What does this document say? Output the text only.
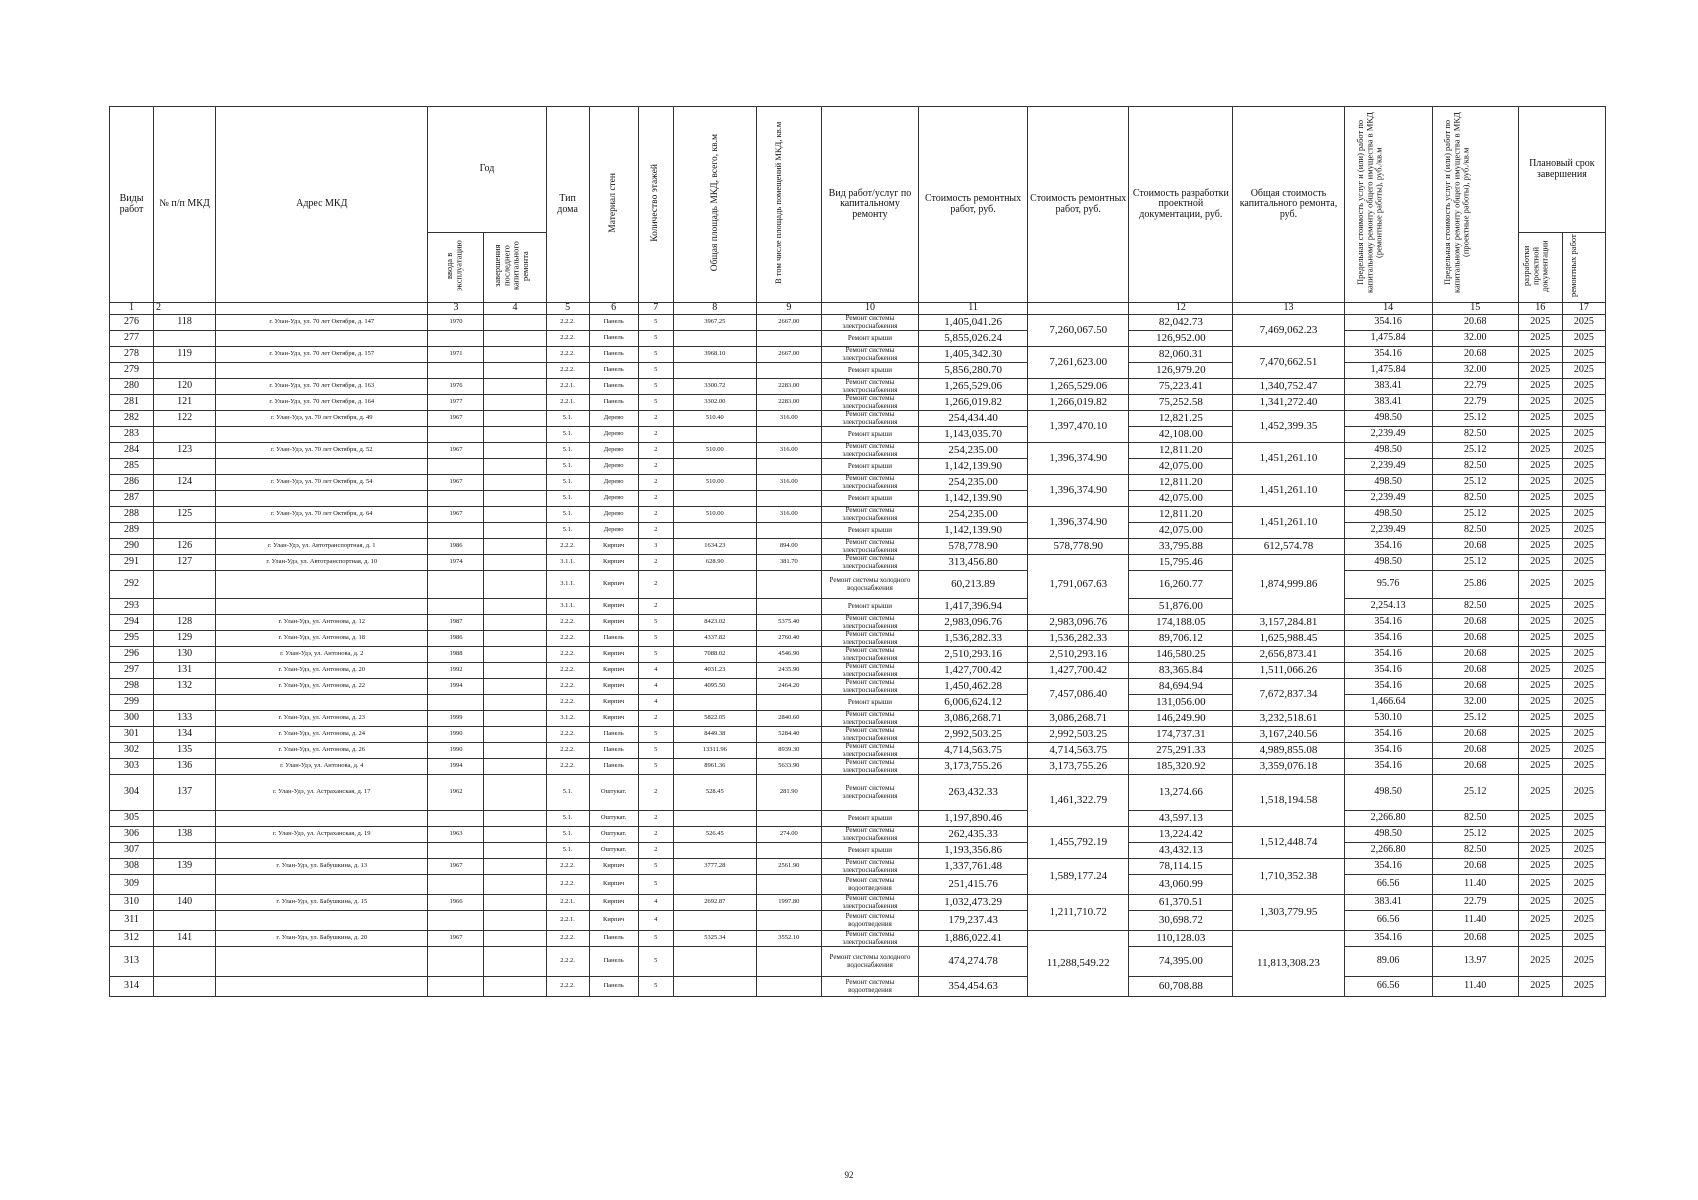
Виды работ	№ п/п МКД	Адрес МКД	Год		Тип дома	Материал стен	Количество этажей	Общая площадь МКД, всего, кв.м	В том числе площадь помещений МКД, кв.м	Вид работ/услуг по капитальному ремонту	Стоимость ремонтных работ, руб.	Стоимость ремонтных работ, руб.	Стоимость разработки проектной документации, руб.	Общая стоимость капитального ремонта, руб.	Предельная стоимость услуг и (или) работ по капитальному ремонту общего имущества в МКД (ремонтные работы), руб./кв.м	Предельная стоимость услуг и (или) работ по капитальному ремонту общего имущества в МКД (проектные работы), руб./кв.м	Плановый срок завершения	
			ввода в эксплуатацию	завершения последнего капитального ремонта													разработки проектной документации	ремонтных работ
1	2		3	4	5	6	7	8	9	10	11		12	13	14	15	16	17
276	118	г. Улан-Удэ, ул. 70 лет Октября, д. 147	1970		2.2.2.	Панель	5	3967.25	2667.00	Ремонт системы электроснабжения	1,405,041.26	7,260,067.50	82,042.73	7,469,062.23	354.16	20.68	2025	2025
277					2.2.2.	Панель	5			Ремонт крыши	5,855,026.24		126,952.00		1,475.84	32.00	2025	2025
278	119	г. Улан-Удэ, ул. 70 лет Октября, д. 157	1971		2.2.2.	Панель	5	3968.10	2667.00	Ремонт системы электроснабжения	1,405,342.30	7,261,623.00	82,060.31	7,470,662.51	354.16	20.68	2025	2025
279					2.2.2.	Панель	5			Ремонт крыши	5,856,280.70		126,979.20		1,475.84	32.00	2025	2025
280	120	г. Улан-Удэ, ул. 70 лет Октября, д. 163	1976		2.2.1.	Панель	5	3300.72	2283.00	Ремонт системы электроснабжения	1,265,529.06	1,265,529.06	75,223.41	1,340,752.47	383.41	22.79	2025	2025
281	121	г. Улан-Удэ, ул. 70 лет Октября, д. 164	1977		2.2.1.	Панель	5	3302.00	2283.00	Ремонт системы электроснабжения	1,266,019.82	1,266,019.82	75,252.58	1,341,272.40	383.41	22.79	2025	2025
282	122	г. Улан-Удэ, ул. 70 лет Октября, д. 49	1967		5.1.	Дерево	2	510.40	316.00	Ремонт системы электроснабжения	254,434.40	1,397,470.10	12,821.25	1,452,399.35	498.50	25.12	2025	2025
283					5.1.	Дерево	2			Ремонт крыши	1,143,035.70		42,108.00		2,239.49	82.50	2025	2025
284	123	г. Улан-Удэ, ул. 70 лет Октября, д. 52	1967		5.1.	Дерево	2	510.00	316.00	Ремонт системы электроснабжения	254,235.00	1,396,374.90	12,811.20	1,451,261.10	498.50	25.12	2025	2025
285					5.1.	Дерево	2			Ремонт крыши	1,142,139.90		42,075.00		2,239.49	82.50	2025	2025
286	124	г. Улан-Удэ, ул. 70 лет Октября, д. 54	1967		5.1.	Дерево	2	510.00	316.00	Ремонт системы электроснабжения	254,235.00	1,396,374.90	12,811.20	1,451,261.10	498.50	25.12	2025	2025
287					5.1.	Дерево	2			Ремонт крыши	1,142,139.90		42,075.00		2,239.49	82.50	2025	2025
288	125	г. Улан-Удэ, ул. 70 лет Октября, д. 64	1967		5.1.	Дерево	2	510.00	316.00	Ремонт системы электроснабжения	254,235.00	1,396,374.90	12,811.20	1,451,261.10	498.50	25.12	2025	2025
289					5.1.	Дерево	2			Ремонт крыши	1,142,139.90		42,075.00		2,239.49	82.50	2025	2025
290	126	г. Улан-Удэ, ул. Автотранспортная, д. 1	1986		2.2.2.	Кирпич	3	1634.23	894.00	Ремонт системы электроснабжения	578,778.90	578,778.90	33,795.88	612,574.78	354.16	20.68	2025	2025
291	127	г. Улан-Удэ, ул. Автотранспортная, д. 10	1974		3.1.1.	Кирпич	2	628.90	381.70	Ремонт системы электроснабжения	313,456.80	1,791,067.63	15,795.46	1,874,999.86	498.50	25.12	2025	2025
292					3.1.1.	Кирпич	2			Ремонт системы холодного водоснабжения	60,213.89		16,260.77		95.76	25.86	2025	2025
293					3.1.1.	Кирпич	2			Ремонт крыши	1,417,396.94		51,876.00		2,254.13	82.50	2025	2025
294	128	г. Улан-Удэ, ул. Антонова, д. 12	1987		2.2.2.	Кирпич	5	8423.02	5375.40	Ремонт системы электроснабжения	2,983,096.76	2,983,096.76	174,188.05	3,157,284.81	354.16	20.68	2025	2025
295	129	г. Улан-Удэ, ул. Антонова, д. 18	1986		2.2.2.	Панель	5	4337.82	2760.40	Ремонт системы электроснабжения	1,536,282.33	1,536,282.33	89,706.12	1,625,988.45	354.16	20.68	2025	2025
296	130	г. Улан-Удэ, ул. Антонова, д. 2	1988		2.2.2.	Кирпич	5	7088.02	4546.90	Ремонт системы электроснабжения	2,510,293.16	2,510,293.16	146,580.25	2,656,873.41	354.16	20.68	2025	2025
297	131	г. Улан-Удэ, ул. Антонова, д. 20	1992		2.2.2.	Кирпич	4	4031.23	2435.90	Ремонт системы электроснабжения	1,427,700.42	1,427,700.42	83,365.84	1,511,066.26	354.16	20.68	2025	2025
298	132	г. Улан-Удэ, ул. Антонова, д. 22	1994		2.2.2.	Кирпич	4	4095.50	2464.20	Ремонт системы электроснабжения	1,450,462.28	7,457,086.40	84,694.94	7,672,837.34	354.16	20.68	2025	2025
299					2.2.2.	Кирпич	4			Ремонт крыши	6,006,624.12		131,056.00		1,466.64	32.00	2025	2025
300	133	г. Улан-Удэ, ул. Антонова, д. 23	1999		3.1.2.	Кирпич	2	5822.05	2840.60	Ремонт системы электроснабжения	3,086,268.71	3,086,268.71	146,249.90	3,232,518.61	530.10	25.12	2025	2025
301	134	г. Улан-Удэ, ул. Антонова, д. 24	1990		2.2.2.	Панель	5	8449.38	5284.40	Ремонт системы электроснабжения	2,992,503.25	2,992,503.25	174,737.31	3,167,240.56	354.16	20.68	2025	2025
302	135	г. Улан-Удэ, ул. Антонова, д. 26	1990		2.2.2.	Панель	5	13311.96	8939.30	Ремонт системы электроснабжения	4,714,563.75	4,714,563.75	275,291.33	4,989,855.08	354.16	20.68	2025	2025
303	136	г. Улан-Удэ, ул. Антонова, д. 4	1994		2.2.2.	Панель	5	8961.36	5633.90	Ремонт системы электроснабжения	3,173,755.26	3,173,755.26	185,320.92	3,359,076.18	354.16	20.68	2025	2025
304	137	г. Улан-Удэ, ул. Астраханская, д. 17	1962		5.1.	Оштукат.	2	528.45	281.90	Ремонт системы электроснабжения	263,432.33	1,461,322.79	13,274.66	1,518,194.58	498.50	25.12	2025	2025
305					5.1.	Оштукат.	2			Ремонт крыши	1,197,890.46		43,597.13		2,266.80	82.50	2025	2025
306	138	г. Улан-Удэ, ул. Астраханская, д. 19	1963		5.1.	Оштукат.	2	526.45	274.00	Ремонт системы электроснабжения	262,435.33	1,455,792.19	13,224.42	1,512,448.74	498.50	25.12	2025	2025
307					5.1.	Оштукат.	2			Ремонт крыши	1,193,356.86		43,432.13		2,266.80	82.50	2025	2025
308	139	г. Улан-Удэ, ул. Бабушкина, д. 13	1967		2.2.2.	Кирпич	5	3777.28	2561.90	Ремонт системы электроснабжения	1,337,761.48	1,589,177.24	78,114.15	1,710,352.38	354.16	20.68	2025	2025
309					2.2.2.	Кирпич	5			Ремонт системы водоотведения	251,415.76		43,060.99		66.56	11.40	2025	2025
310	140	г. Улан-Удэ, ул. Бабушкина, д. 15	1966		2.2.1.	Кирпич	4	2692.87	1997.80	Ремонт системы электроснабжения	1,032,473.29	1,211,710.72	61,370.51	1,303,779.95	383.41	22.79	2025	2025
311					2.2.1.	Кирпич	4			Ремонт системы водоотведения	179,237.43		30,698.72		66.56	11.40	2025	2025
312	141	г. Улан-Удэ, ул. Бабушкина, д. 20	1967		2.2.2.	Панель	5	5325.34	3552.10	Ремонт системы электроснабжения	1,886,022.41	11,288,549.22	110,128.03	11,813,308.23	354.16	20.68	2025	2025
313					2.2.2.	Панель	5			Ремонт системы холодного водоснабжения	474,274.78		74,395.00		89.06	13.97	2025	2025
314					2.2.2.	Панель	5			Ремонт системы водоотведения	354,454.63		60,708.88		66.56	11.40	2025	2025
92
